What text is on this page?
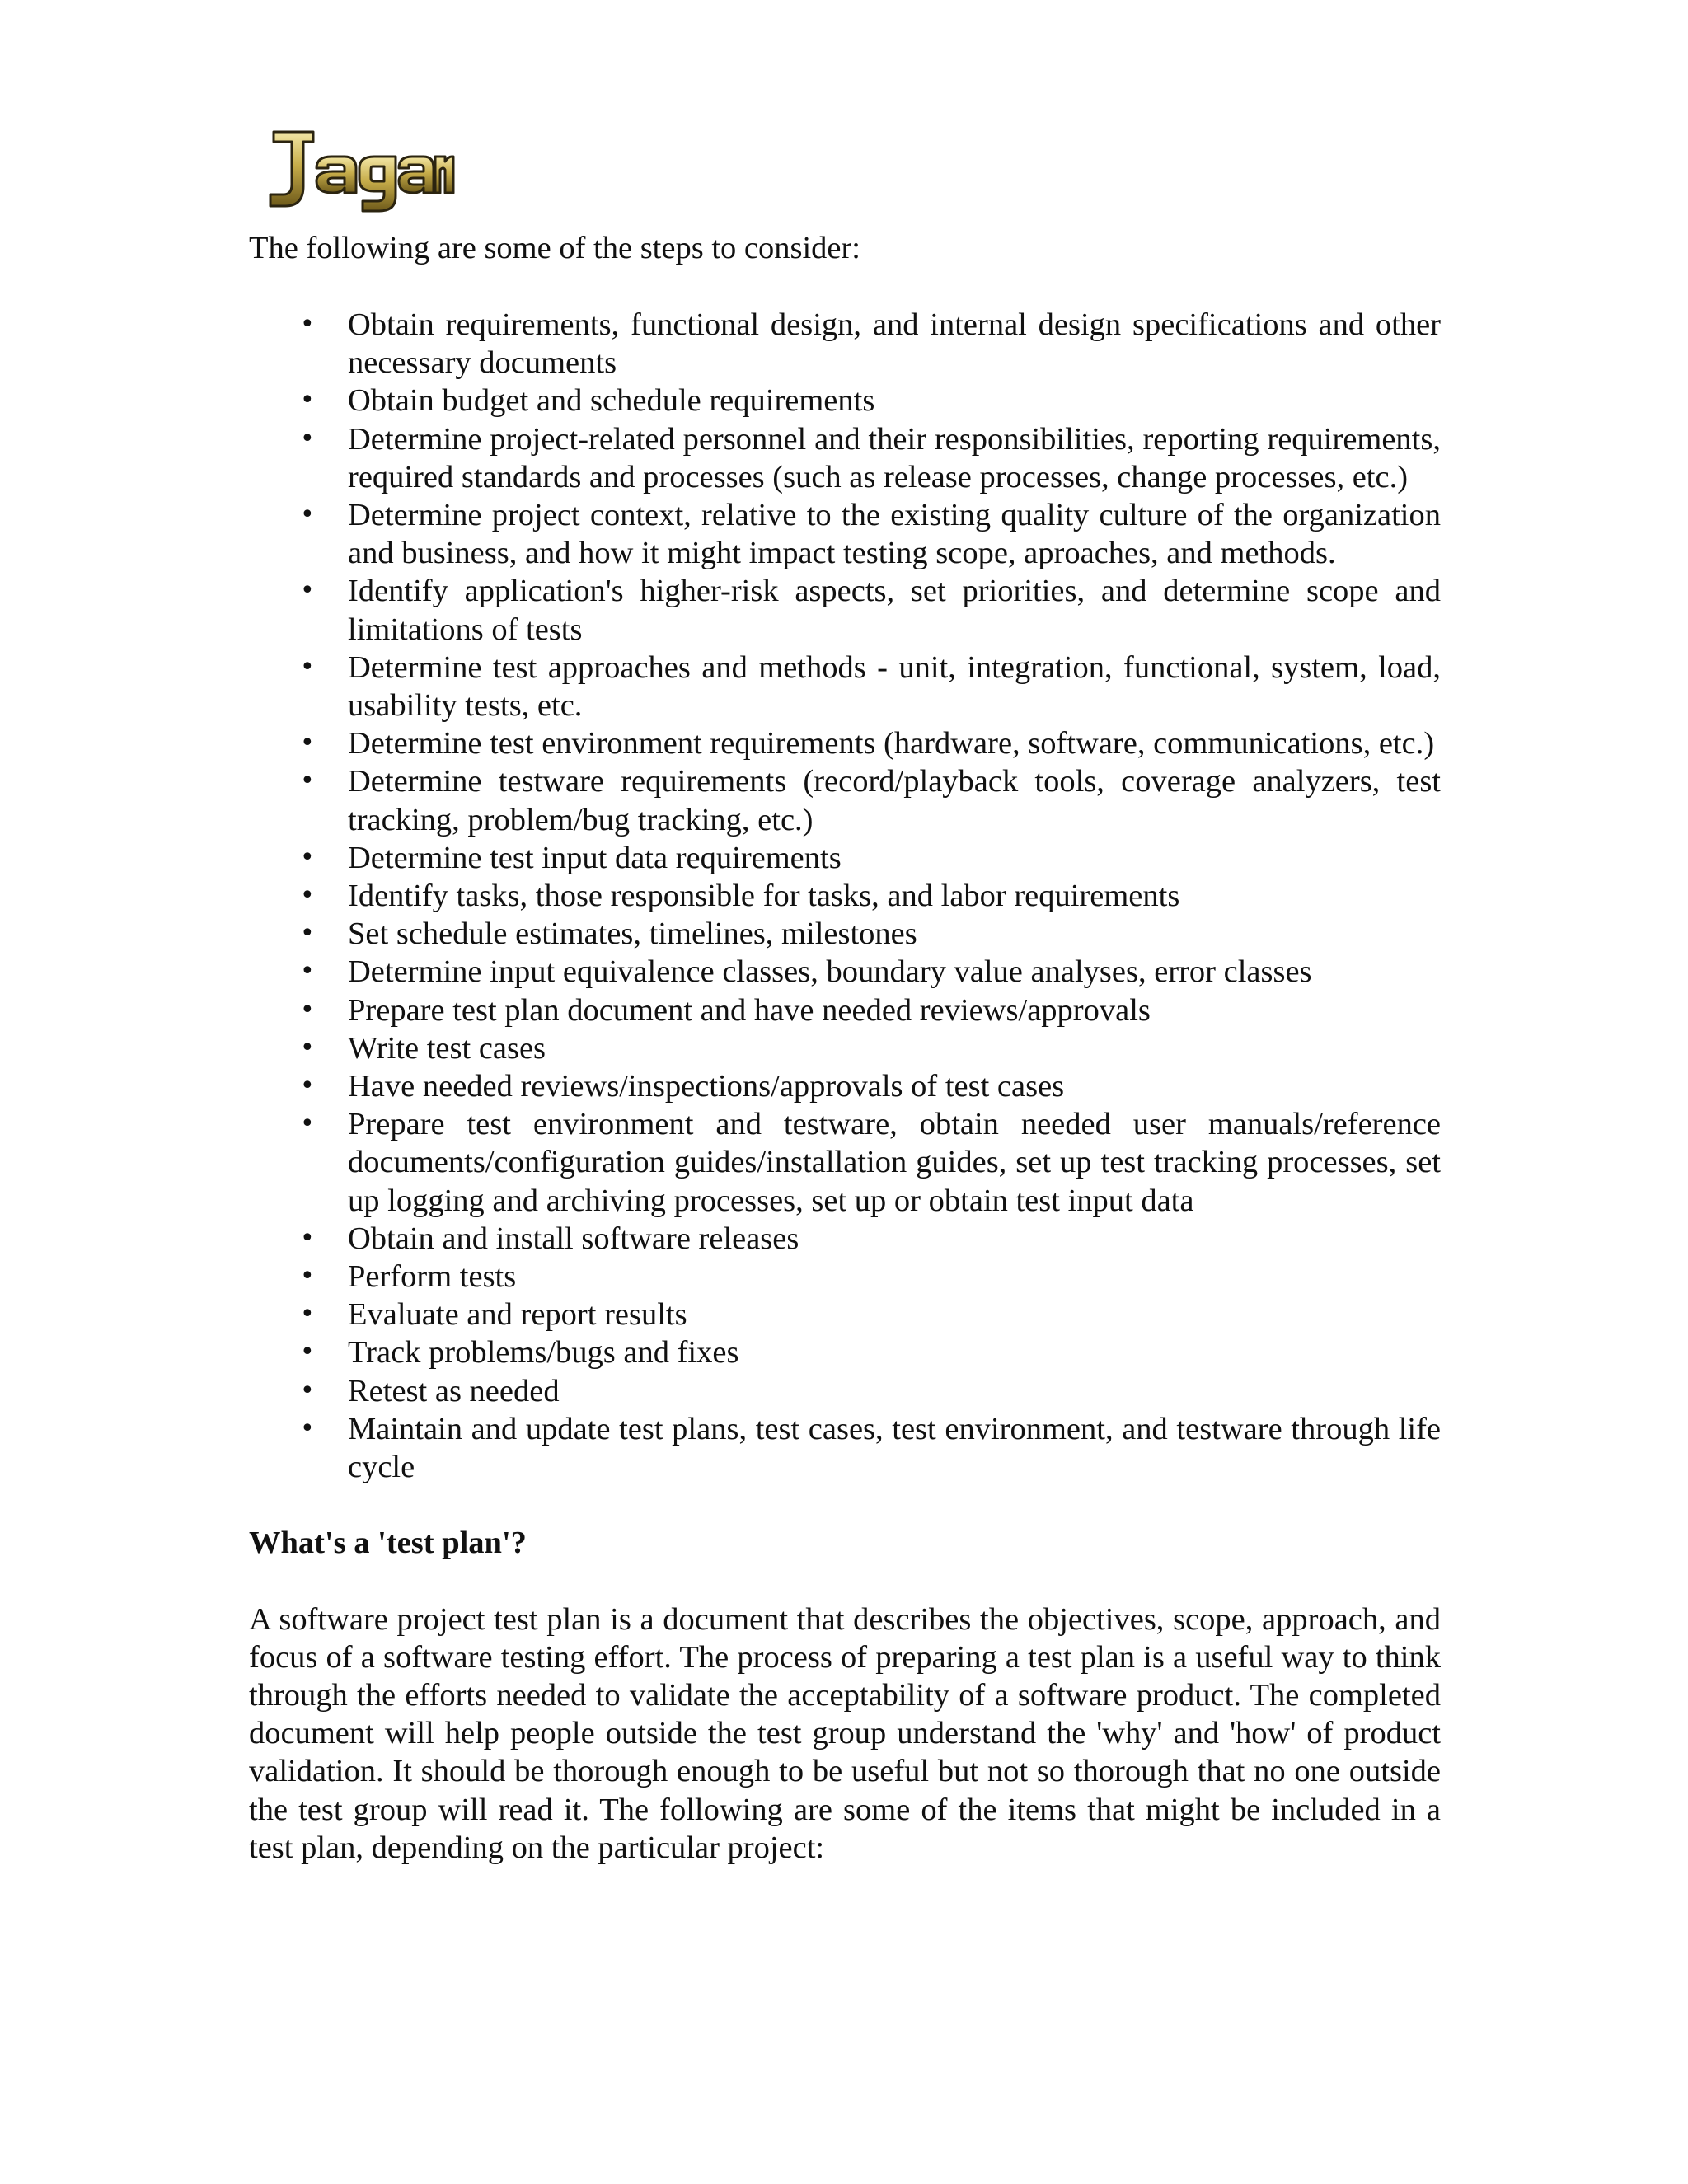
The following are some of the steps to consider:

• Obtain requirements, functional design, and internal design specifications and other necessary documents
• Obtain budget and schedule requirements
• Determine project-related personnel and their responsibilities, reporting requirements, required standards and processes (such as release processes, change processes, etc.)
• Determine project context, relative to the existing quality culture of the organization and business, and how it might impact testing scope, aproaches, and methods.
• Identify application's higher-risk aspects, set priorities, and determine scope and limitations of tests
• Determine test approaches and methods - unit, integration, functional, system, load, usability tests, etc.
• Determine test environment requirements (hardware, software, communications, etc.)
• Determine testware requirements (record/playback tools, coverage analyzers, test tracking, problem/bug tracking, etc.)
• Determine test input data requirements
• Identify tasks, those responsible for tasks, and labor requirements
• Set schedule estimates, timelines, milestones
• Determine input equivalence classes, boundary value analyses, error classes
• Prepare test plan document and have needed reviews/approvals
• Write test cases
• Have needed reviews/inspections/approvals of test cases
• Prepare test environment and testware, obtain needed user manuals/reference documents/configuration guides/installation guides, set up test tracking processes, set up logging and archiving processes, set up or obtain test input data
• Obtain and install software releases
• Perform tests
• Evaluate and report results
• Track problems/bugs and fixes
• Retest as needed
• Maintain and update test plans, test cases, test environment, and testware through life cycle
What's a 'test plan'?

A software project test plan is a document that describes the objectives, scope, approach, and focus of a software testing effort. The process of preparing a test plan is a useful way to think through the efforts needed to validate the acceptability of a software product. The completed document will help people outside the test group understand the 'why' and 'how' of product validation. It should be thorough enough to be useful but not so thorough that no one outside the test group will read it. The following are some of the items that might be included in a test plan, depending on the particular project:
